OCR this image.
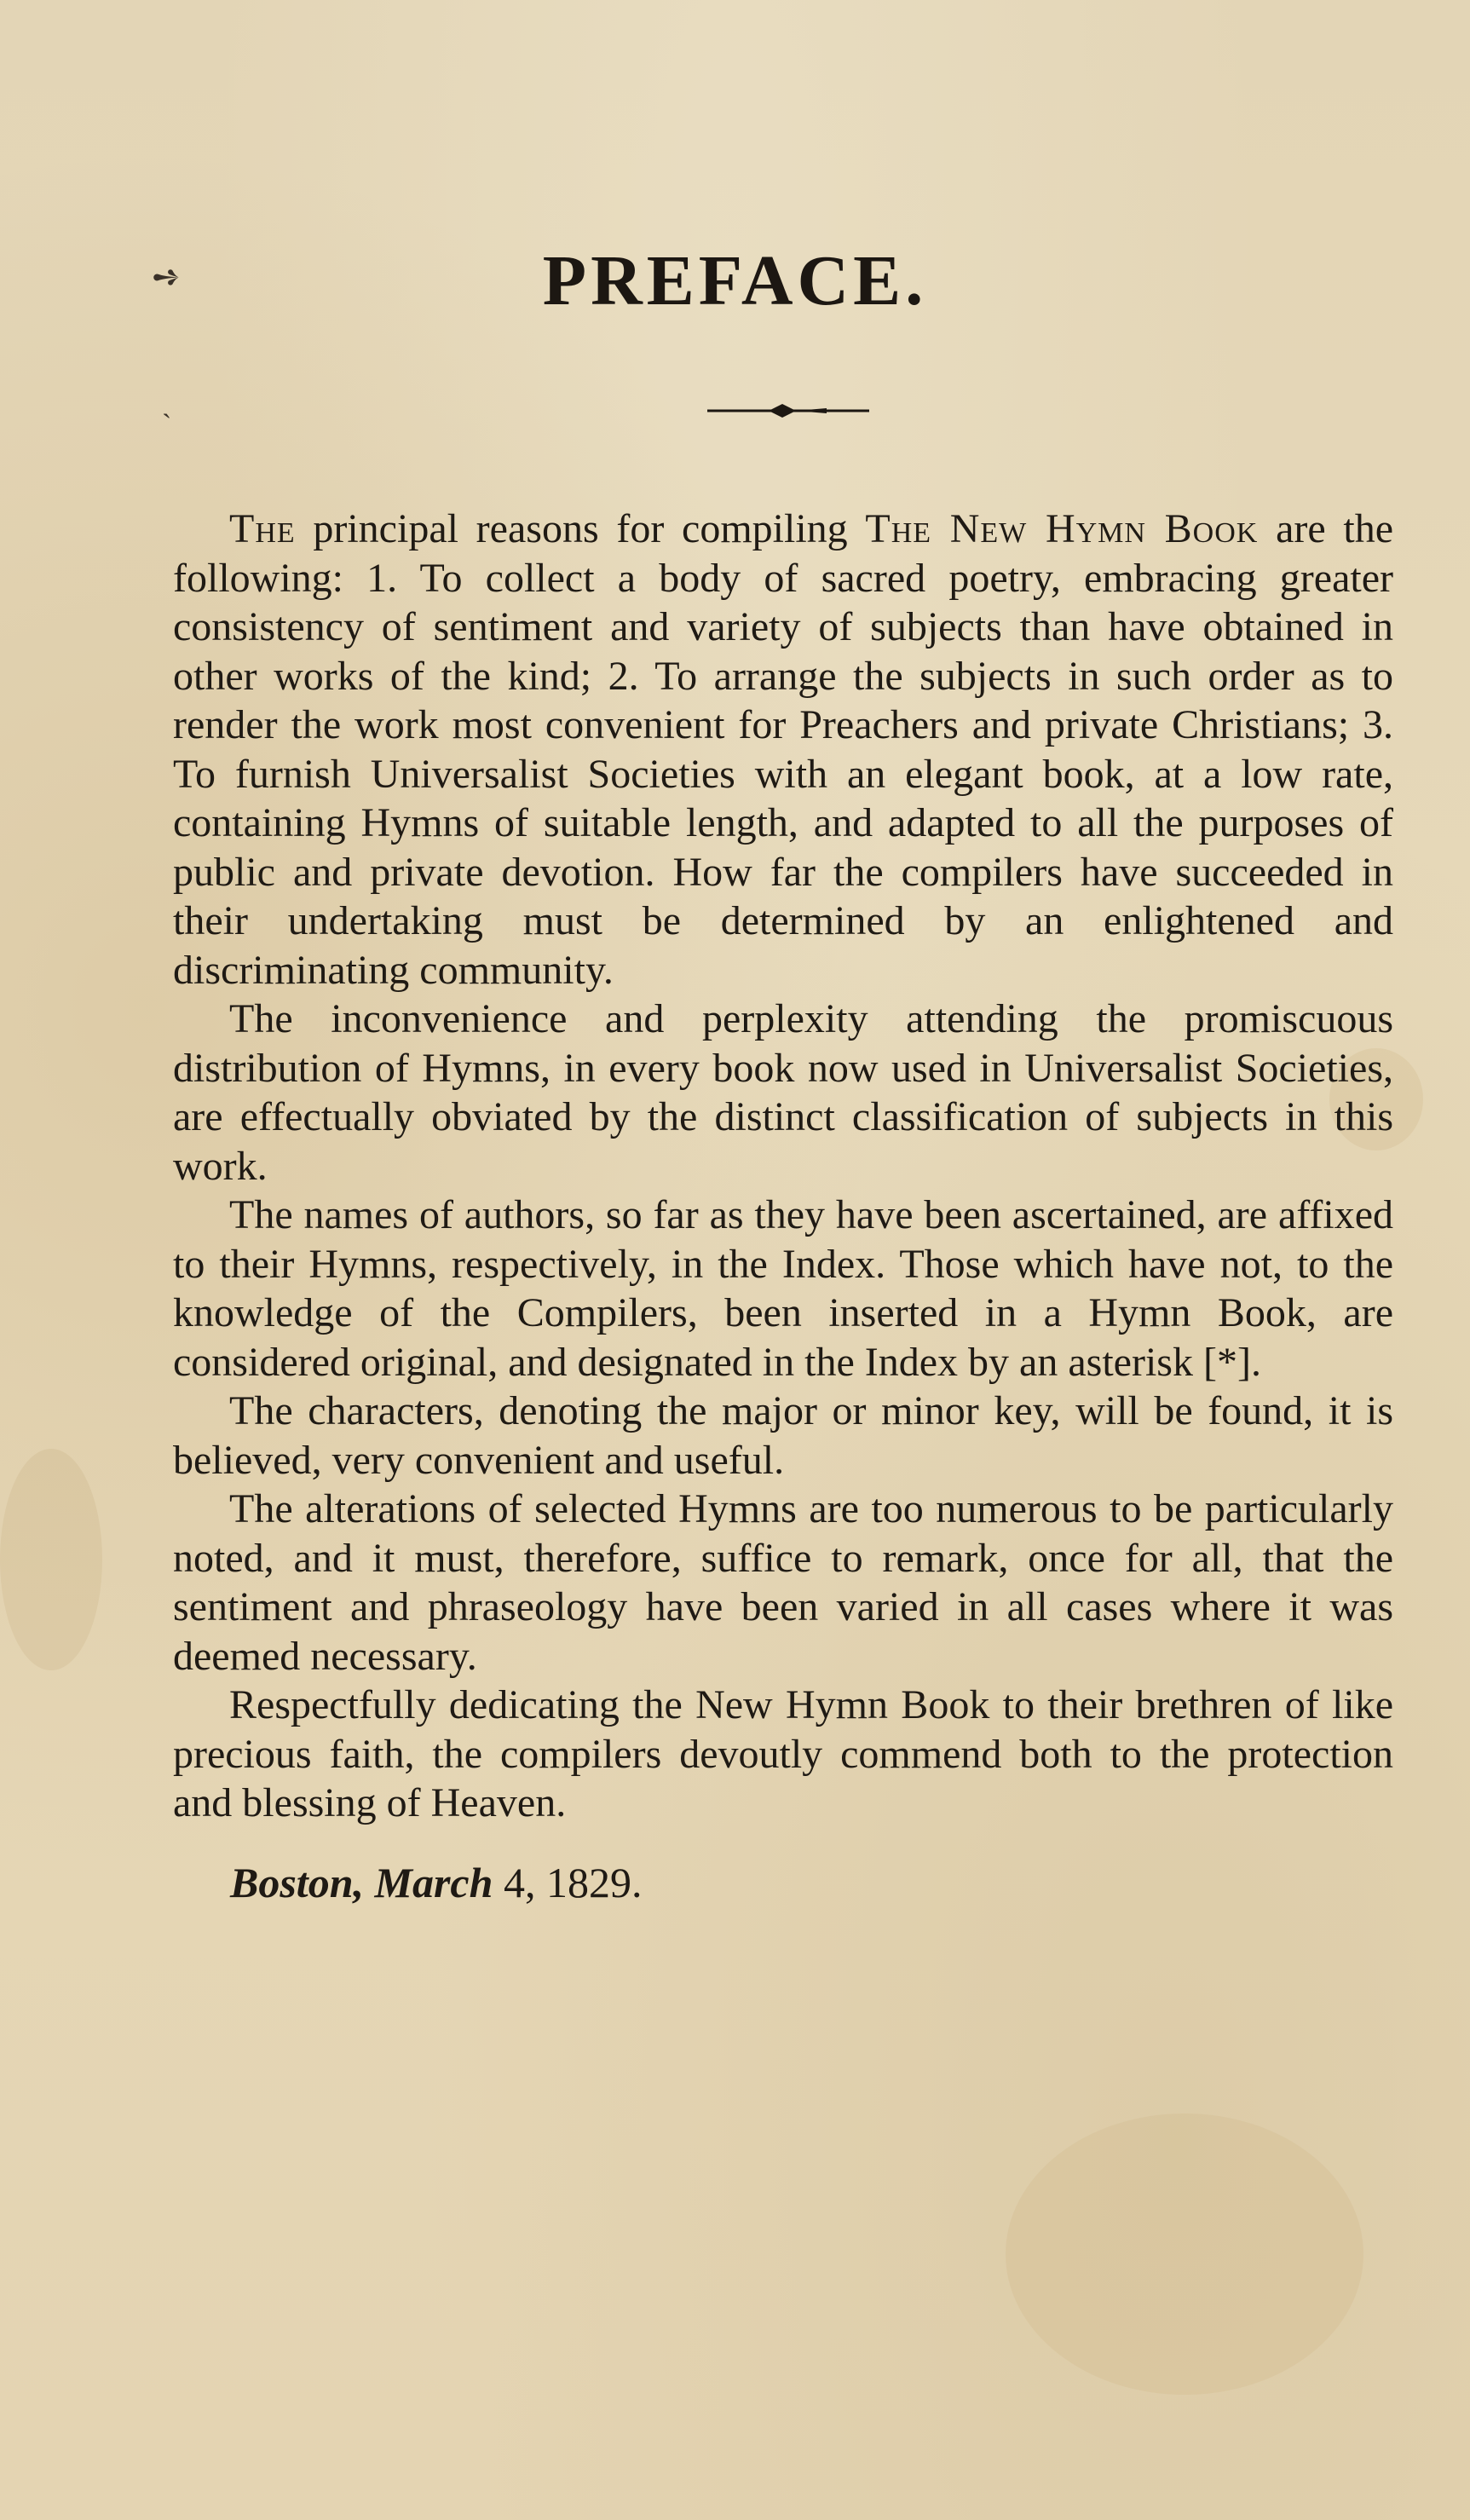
➺
ˎ
PREFACE.

The principal reasons for compiling The New Hymn Book are the following: 1. To collect a body of sacred poetry, embracing greater consistency of sentiment and variety of subjects than have obtained in other works of the kind; 2. To arrange the subjects in such order as to render the work most convenient for Preachers and private Christians; 3. To furnish Universalist Societies with an elegant book, at a low rate, containing Hymns of suitable length, and adapted to all the purposes of public and private devotion. How far the compilers have succeeded in their undertaking must be determined by an enlightened and discriminating community.

The inconvenience and perplexity attending the promiscuous distribution of Hymns, in every book now used in Universalist Societies, are effectually obviated by the distinct classification of subjects in this work.

The names of authors, so far as they have been ascertained, are affixed to their Hymns, respectively, in the Index. Those which have not, to the knowledge of the Compilers, been inserted in a Hymn Book, are considered original, and designated in the Index by an asterisk [*].

The characters, denoting the major or minor key, will be found, it is believed, very convenient and useful.

The alterations of selected Hymns are too numerous to be particularly noted, and it must, therefore, suffice to remark, once for all, that the sentiment and phraseology have been varied in all cases where it was deemed necessary.

Respectfully dedicating the New Hymn Book to their brethren of like precious faith, the compilers devoutly commend both to the protection and blessing of Heaven.

Boston, March 4, 1829.
